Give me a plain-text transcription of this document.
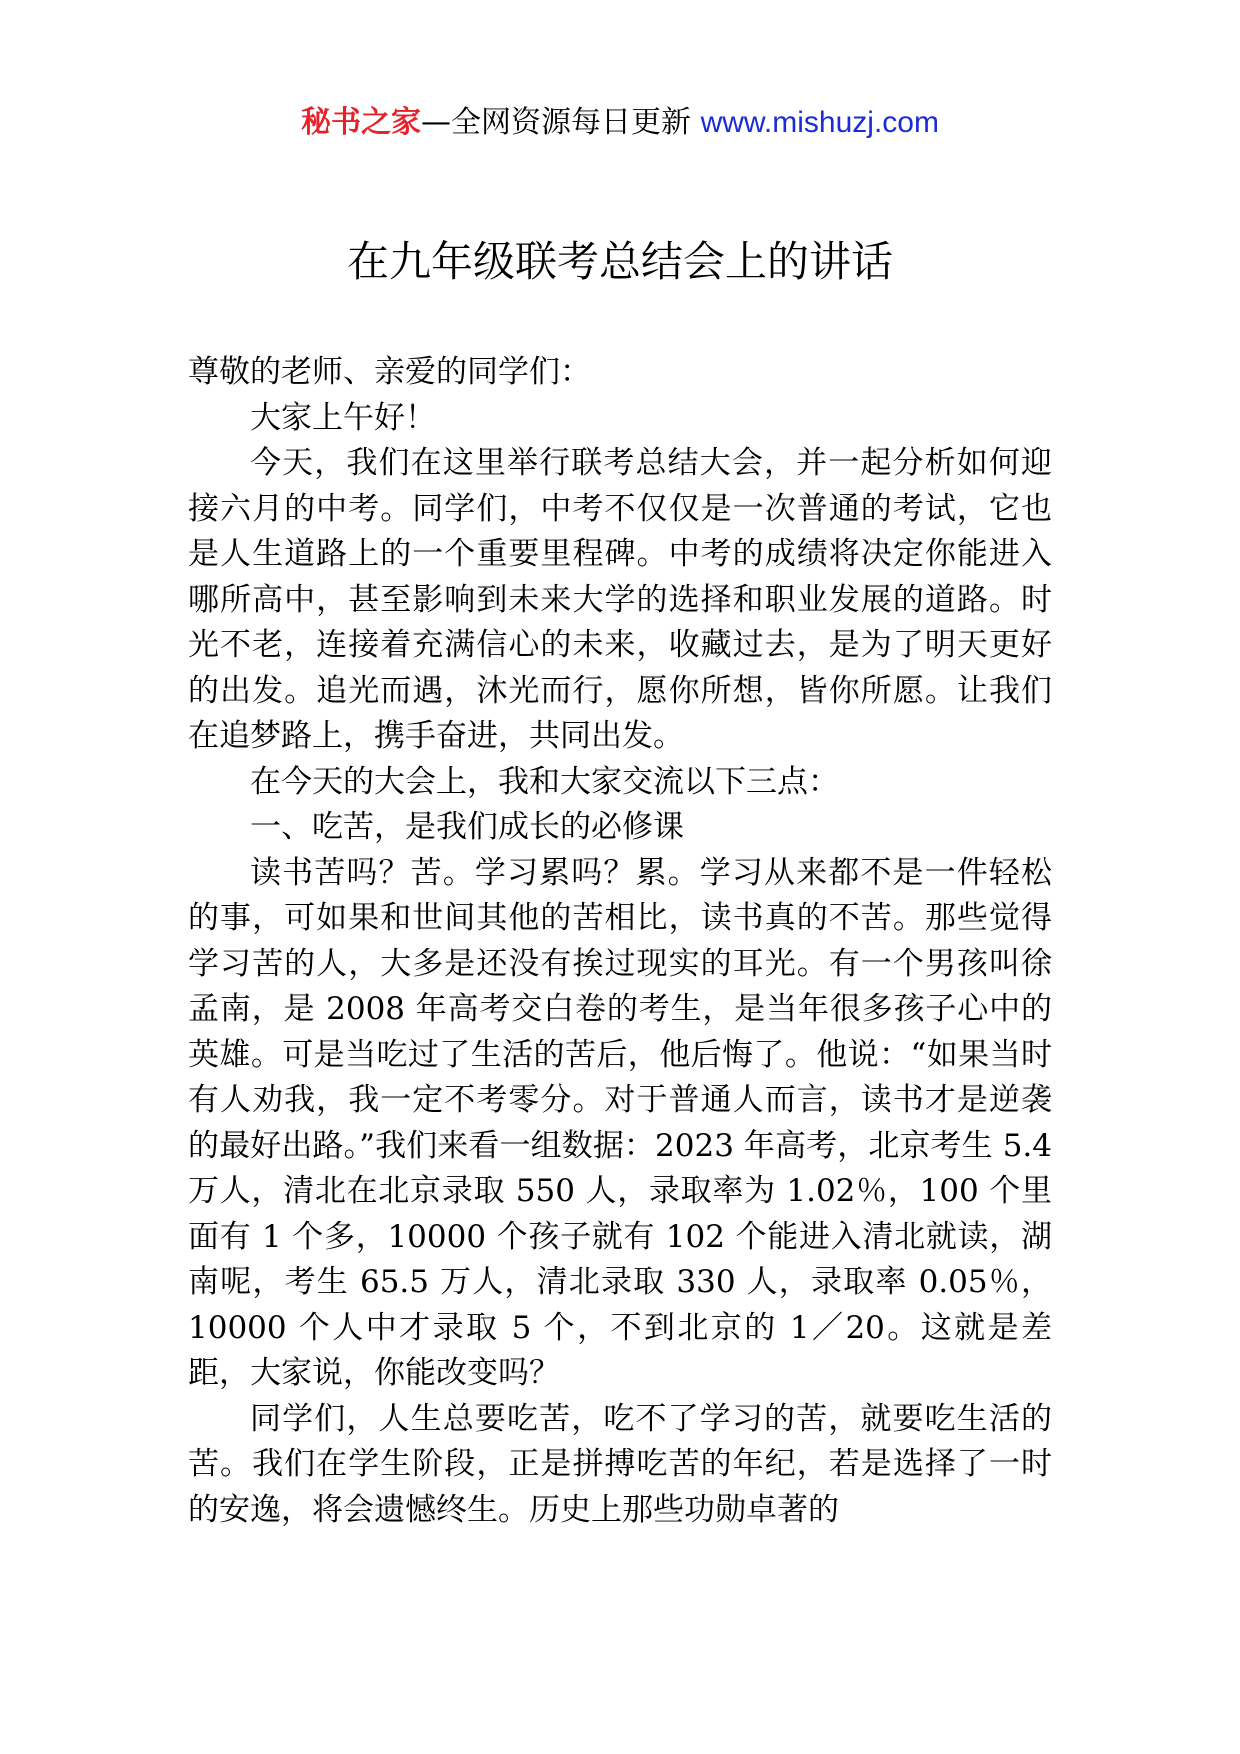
秘书之家—全网资源每日更新 www.mishuzj.com
在九年级联考总结会上的讲话

尊敬的老师、亲爱的同学们：

大家上午好！

今天，我们在这里举行联考总结大会，并一起分析如何迎接六月的中考。同学们，中考不仅仅是一次普通的考试，它也是人生道路上的一个重要里程碑。中考的成绩将决定你能进入哪所高中，甚至影响到未来大学的选择和职业发展的道路。时光不老，连接着充满信心的未来，收藏过去，是为了明天更好的出发。追光而遇，沐光而行，愿你所想，皆你所愿。让我们在追梦路上，携手奋进，共同出发。

在今天的大会上，我和大家交流以下三点：

一、吃苦，是我们成长的必修课

读书苦吗？苦。学习累吗？累。学习从来都不是一件轻松的事，可如果和世间其他的苦相比，读书真的不苦。那些觉得学习苦的人，大多是还没有挨过现实的耳光。有一个男孩叫徐孟南，是 2008 年高考交白卷的考生，是当年很多孩子心中的英雄。可是当吃过了生活的苦后，他后悔了。他说：“如果当时有人劝我，我一定不考零分。对于普通人而言，读书才是逆袭的最好出路。”我们来看一组数据：2023 年高考，北京考生 5.4 万人，清北在北京录取 550 人，录取率为 1.02％，100 个里面有 1 个多，10000 个孩子就有 102 个能进入清北就读，湖南呢，考生 65.5 万人，清北录取 330 人，录取率 0.05％，10000 个人中才录取 5 个，不到北京的 1／20。这就是差距，大家说，你能改变吗？

同学们，人生总要吃苦，吃不了学习的苦，就要吃生活的苦。我们在学生阶段，正是拼搏吃苦的年纪，若是选择了一时的安逸，将会遗憾终生。历史上那些功勋卓著的
